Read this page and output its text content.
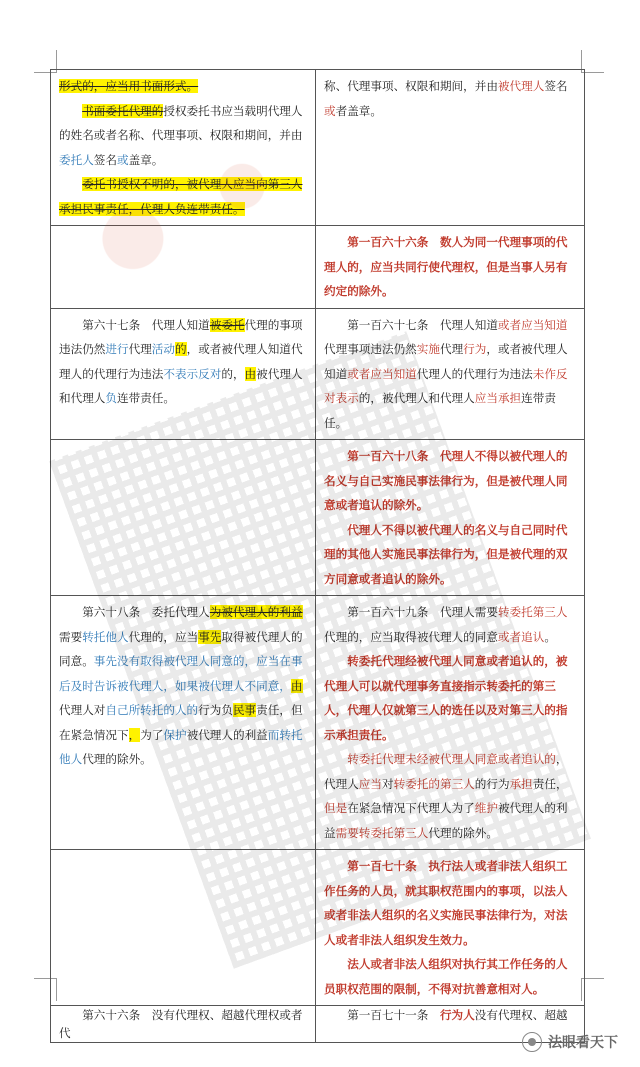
形式的，应当用书面形式。

书面委托代理的授权委托书应当载明代理人的姓名或者名称、代理事项、权限和期间，并由委托人签名或盖章。

委托书授权不明的，被代理人应当向第三人承担民事责任，代理人负连带责任。	称、代理事项、权限和期间，并由被代理人签名或者盖章。

	第一百六十六条　数人为同一代理事项的代理人的，应当共同行使代理权，但是当事人另有约定的除外。

第六十七条　代理人知道被委托代理的事项违法仍然进行代理活动的，或者被代理人知道代理人的代理行为违法不表示反对的，由被代理人和代理人负连带责任。	第一百六十七条　代理人知道或者应当知道代理事项违法仍然实施代理行为，或者被代理人知道或者应当知道代理人的代理行为违法未作反对表示的，被代理人和代理人应当承担连带责任。

	第一百六十八条　代理人不得以被代理人的名义与自己实施民事法律行为，但是被代理人同意或者追认的除外。

代理人不得以被代理人的名义与自己同时代理的其他人实施民事法律行为，但是被代理的双方同意或者追认的除外。

第六十八条　委托代理人为被代理人的利益需要转托他人代理的，应当事先取得被代理人的同意。事先没有取得被代理人同意的，应当在事后及时告诉被代理人，如果被代理人不同意，由代理人对自己所转托的人的行为负民事责任，但在紧急情况下，为了保护被代理人的利益而转托他人代理的除外。	第一百六十九条　代理人需要转委托第三人代理的，应当取得被代理人的同意或者追认。

转委托代理经被代理人同意或者追认的，被代理人可以就代理事务直接指示转委托的第三人，代理人仅就第三人的选任以及对第三人的指示承担责任。

转委托代理未经被代理人同意或者追认的，代理人应当对转委托的第三人的行为承担责任，但是在紧急情况下代理人为了维护被代理人的利益需要转委托第三人代理的除外。

	第一百七十条　执行法人或者非法人组织工作任务的人员，就其职权范围内的事项，以法人或者非法人组织的名义实施民事法律行为，对法人或者非法人组织发生效力。

法人或者非法人组织对执行其工作任务的人员职权范围的限制，不得对抗善意相对人。

第六十六条　没有代理权、超越代理权或者代	第一百七十一条　行为人没有代理权、超越

法眼看天下
